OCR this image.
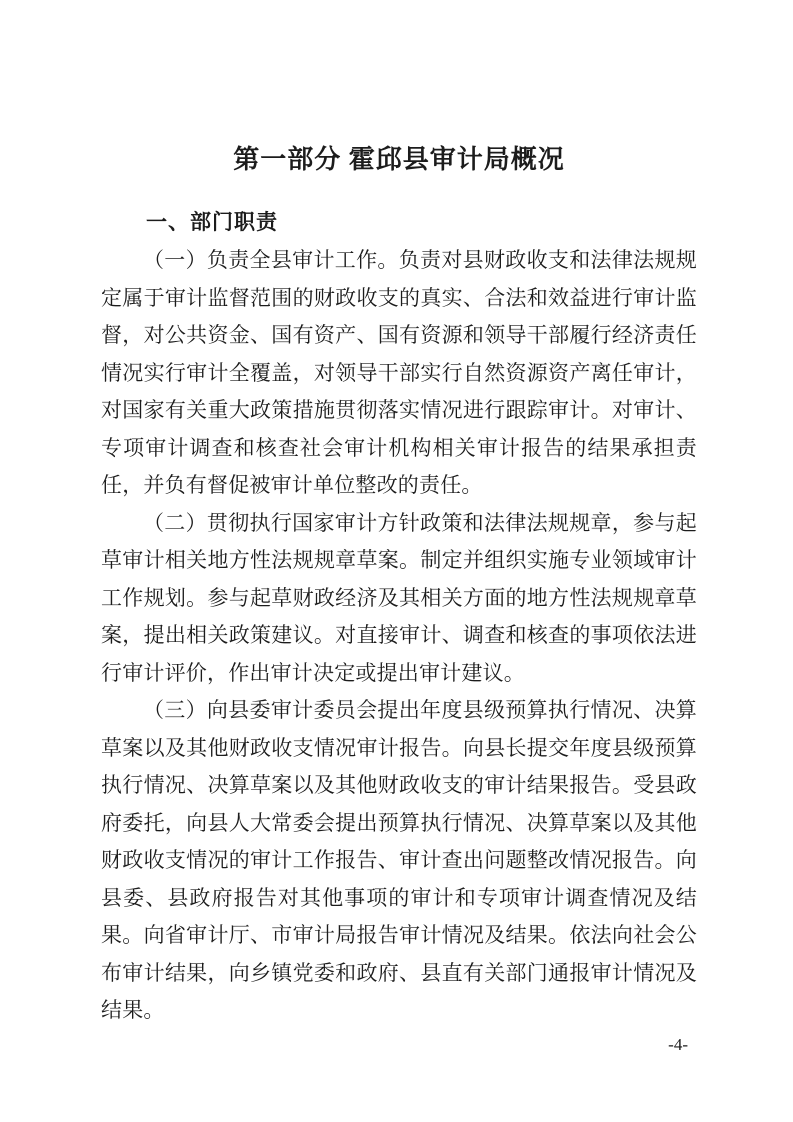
第一部分 霍邱县审计局概况
一、部门职责

（一）负责全县审计工作。负责对县财政收支和法律法规规定属于审计监督范围的财政收支的真实、合法和效益进行审计监督，对公共资金、国有资产、国有资源和领导干部履行经济责任情况实行审计全覆盖，对领导干部实行自然资源资产离任审计，对国家有关重大政策措施贯彻落实情况进行跟踪审计。对审计、专项审计调查和核查社会审计机构相关审计报告的结果承担责任，并负有督促被审计单位整改的责任。

（二）贯彻执行国家审计方针政策和法律法规规章，参与起草审计相关地方性法规规章草案。制定并组织实施专业领域审计工作规划。参与起草财政经济及其相关方面的地方性法规规章草案，提出相关政策建议。对直接审计、调查和核查的事项依法进行审计评价，作出审计决定或提出审计建议。

（三）向县委审计委员会提出年度县级预算执行情况、决算草案以及其他财政收支情况审计报告。向县长提交年度县级预算执行情况、决算草案以及其他财政收支的审计结果报告。受县政府委托，向县人大常委会提出预算执行情况、决算草案以及其他财政收支情况的审计工作报告、审计查出问题整改情况报告。向县委、县政府报告对其他事项的审计和专项审计调查情况及结果。向省审计厅、市审计局报告审计情况及结果。依法向社会公布审计结果，向乡镇党委和政府、县直有关部门通报审计情况及结果。

-4-
